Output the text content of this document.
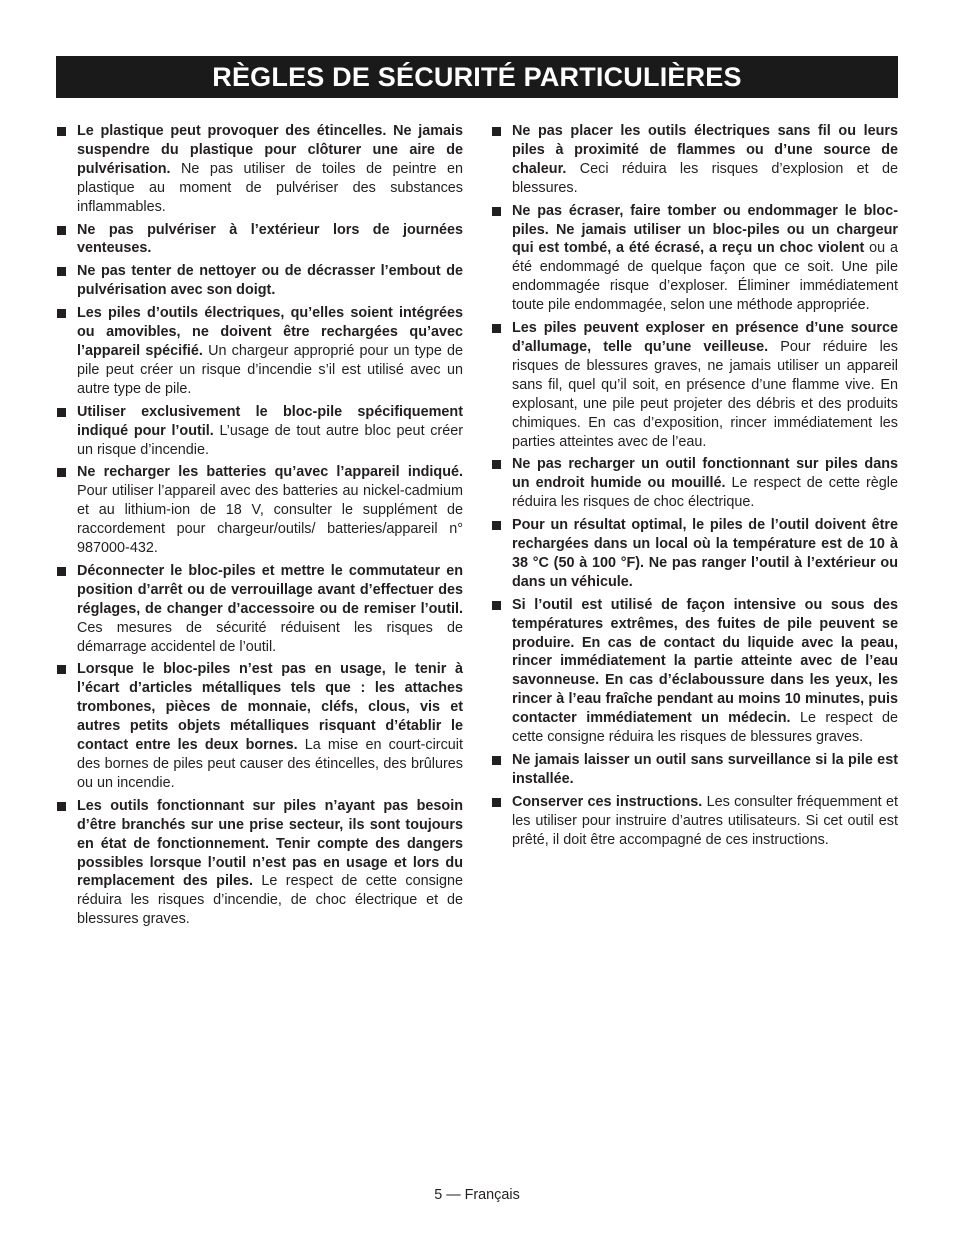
RÈGLES DE SÉCURITÉ PARTICULIÈRES
Le plastique peut provoquer des étincelles. Ne jamais suspendre du plastique pour clôturer une aire de pulvérisation. Ne pas utiliser de toiles de peintre en plastique au moment de pulvériser des substances inflammables.
Ne pas pulvériser à l’extérieur lors de journées venteuses.
Ne pas tenter de nettoyer ou de décrasser l’embout de pulvérisation avec son doigt.
Les piles d’outils électriques, qu’elles soient intégrées ou amovibles, ne doivent être rechargées qu’avec l’appareil spécifié. Un chargeur approprié pour un type de pile peut créer un risque d’incendie s’il est utilisé avec un autre type de pile.
Utiliser exclusivement le bloc-pile spécifiquement indiqué pour l’outil. L’usage de tout autre bloc peut créer un risque d’incendie.
Ne recharger les batteries qu’avec l’appareil indiqué. Pour utiliser l’appareil avec des batteries au nickel-cadmium et au lithium-ion de 18 V, consulter le supplément de raccordement pour chargeur/outils/ batteries/appareil n° 987000-432.
Déconnecter le bloc-piles et mettre le commutateur en position d’arrêt ou de verrouillage avant d’effectuer des réglages, de changer d’accessoire ou de remiser l’outil. Ces mesures de sécurité réduisent les risques de démarrage accidentel de l’outil.
Lorsque le bloc-piles n’est pas en usage, le tenir à l’écart d’articles métalliques tels que : les attaches trombones, pièces de monnaie, cléfs, clous, vis et autres petits objets métalliques risquant d’établir le contact entre les deux bornes. La mise en court-circuit des bornes de piles peut causer des étincelles, des brûlures ou un incendie.
Les outils fonctionnant sur piles n’ayant pas besoin d’être branchés sur une prise secteur, ils sont toujours en état de fonctionnement. Tenir compte des dangers possibles lorsque l’outil n’est pas en usage et lors du remplacement des piles. Le respect de cette consigne réduira les risques d’incendie, de choc électrique et de blessures graves.
Ne pas placer les outils électriques sans fil ou leurs piles à proximité de flammes ou d’une source de chaleur. Ceci réduira les risques d’explosion et de blessures.
Ne pas écraser, faire tomber ou endommager le bloc-piles. Ne jamais utiliser un bloc-piles ou un chargeur qui est tombé, a été écrasé, a reçu un choc violent ou a été endommagé de quelque façon que ce soit. Une pile endommagée risque d’exploser. Éliminer immédiatement toute pile endommagée, selon une méthode appropriée.
Les piles peuvent exploser en présence d’une source d’allumage, telle qu’une veilleuse. Pour réduire les risques de blessures graves, ne jamais utiliser un appareil sans fil, quel qu’il soit, en présence d’une flamme vive. En explosant, une pile peut projeter des débris et des produits chimiques. En cas d’exposition, rincer immédiatement les parties atteintes avec de l’eau.
Ne pas recharger un outil fonctionnant sur piles dans un endroit humide ou mouillé. Le respect de cette règle réduira les risques de choc électrique.
Pour un résultat optimal, le piles de l’outil doivent être rechargées dans un local où la température est de 10 à 38 °C (50 à 100 °F). Ne pas ranger l’outil à l’extérieur ou dans un véhicule.
Si l’outil est utilisé de façon intensive ou sous des températures extrêmes, des fuites de pile peuvent se produire. En cas de contact du liquide avec la peau, rincer immédiatement la partie atteinte avec de l’eau savonneuse. En cas d’éclaboussure dans les yeux, les rincer à l’eau fraîche pendant au moins 10 minutes, puis contacter immédiatement un médecin. Le respect de cette consigne réduira les risques de blessures graves.
Ne jamais laisser un outil sans surveillance si la pile est installée.
Conserver ces instructions. Les consulter fréquemment et les utiliser pour instruire d’autres utilisateurs. Si cet outil est prêté, il doit être accompagné de ces instructions.
5 — Français
